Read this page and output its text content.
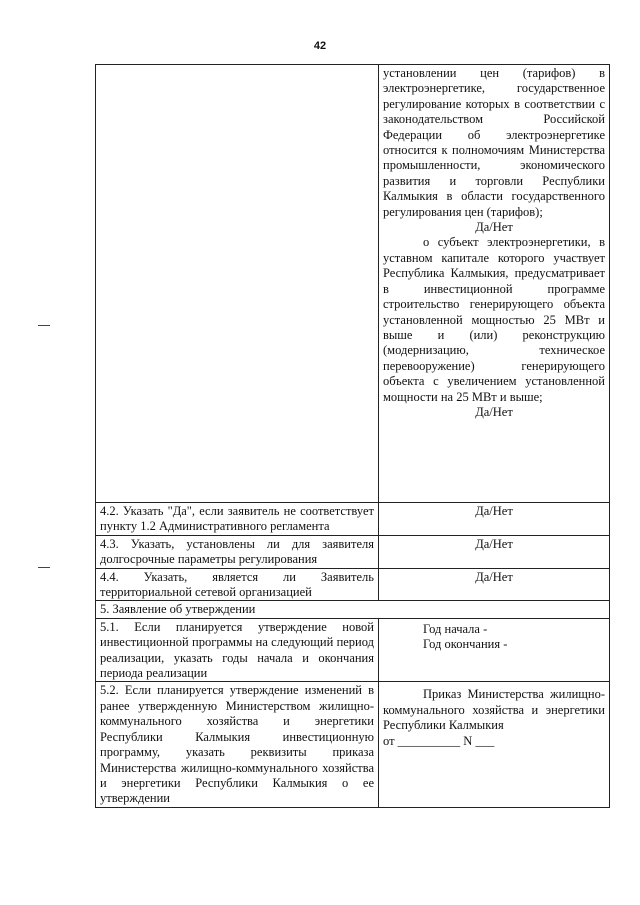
42

	установлении цен (тарифов) в электроэнергетике, государственное регулирование которых в соответствии с законодательством Российской Федерации об электроэнергетике относится к полномочиям Министерства промышленности, экономического развития и торговли Республики Калмыкия в области государственного регулирования цен (тарифов);

Да/Нет

о субъект электроэнергетики, в уставном капитале которого участвует Республика Калмыкия, предусматривает в инвестиционной программе строительство генерирующего объекта установленной мощностью 25 МВт и выше и (или) реконструкцию (модернизацию, техническое перевооружение) генерирующего объекта с увеличением установленной мощности на 25 МВт и выше;

Да/Нет

4.2. Указать "Да", если заявитель не соответствует пункту 1.2 Административного регламента	Да/Нет
4.3. Указать, установлены ли для заявителя долгосрочные параметры регулирования	Да/Нет
4.4. Указать, является ли Заявитель территориальной сетевой организацией	Да/Нет
5. Заявление об утверждении	
5.1. Если планируется утверждение новой инвестиционной программы на следующий период реализации, указать годы начала и окончания периода реализации	Год начала -

Год окончания -

5.2. Если планируется утверждение изменений в ранее утвержденную Министерством жилищно-коммунального хозяйства и энергетики Республики Калмыкия инвестиционную программу, указать реквизиты приказа Министерства жилищно-коммунального хозяйства и энергетики Республики Калмыкия о ее утверждении	Приказ Министерства жилищно-коммунального хозяйства и энергетики Республики Калмыкия

от __________ N ___
